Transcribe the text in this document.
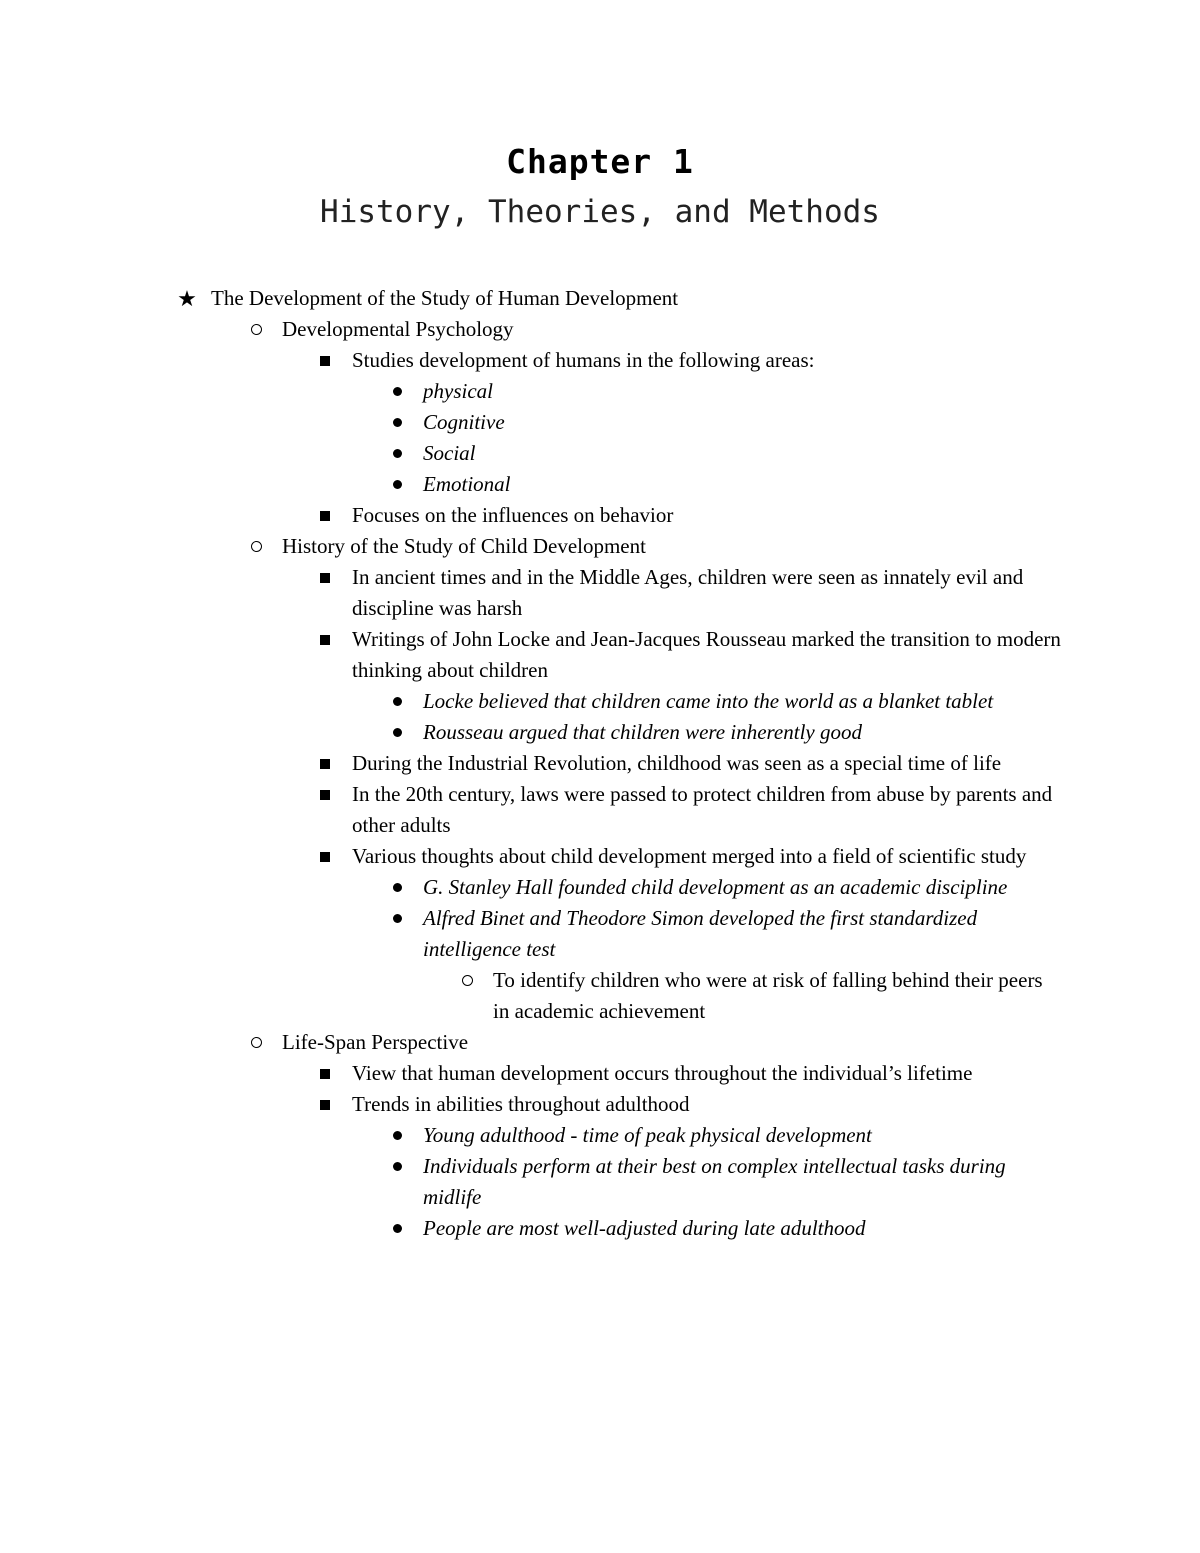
Chapter 1
History, Theories, and Methods
★ The Development of the Study of Human Development
Developmental Psychology
Studies development of humans in the following areas:
physical
Cognitive
Social
Emotional
Focuses on the influences on behavior
History of the Study of Child Development
In ancient times and in the Middle Ages, children were seen as innately evil and discipline was harsh
Writings of John Locke and Jean-Jacques Rousseau marked the transition to modern thinking about children
Locke believed that children came into the world as a blanket tablet
Rousseau argued that children were inherently good
During the Industrial Revolution, childhood was seen as a special time of life
In the 20th century, laws were passed to protect children from abuse by parents and other adults
Various thoughts about child development merged into a field of scientific study
G. Stanley Hall founded child development as an academic discipline
Alfred Binet and Theodore Simon developed the first standardized intelligence test
To identify children who were at risk of falling behind their peers in academic achievement
Life-Span Perspective
View that human development occurs throughout the individual’s lifetime
Trends in abilities throughout adulthood
Young adulthood - time of peak physical development
Individuals perform at their best on complex intellectual tasks during midlife
People are most well-adjusted during late adulthood
